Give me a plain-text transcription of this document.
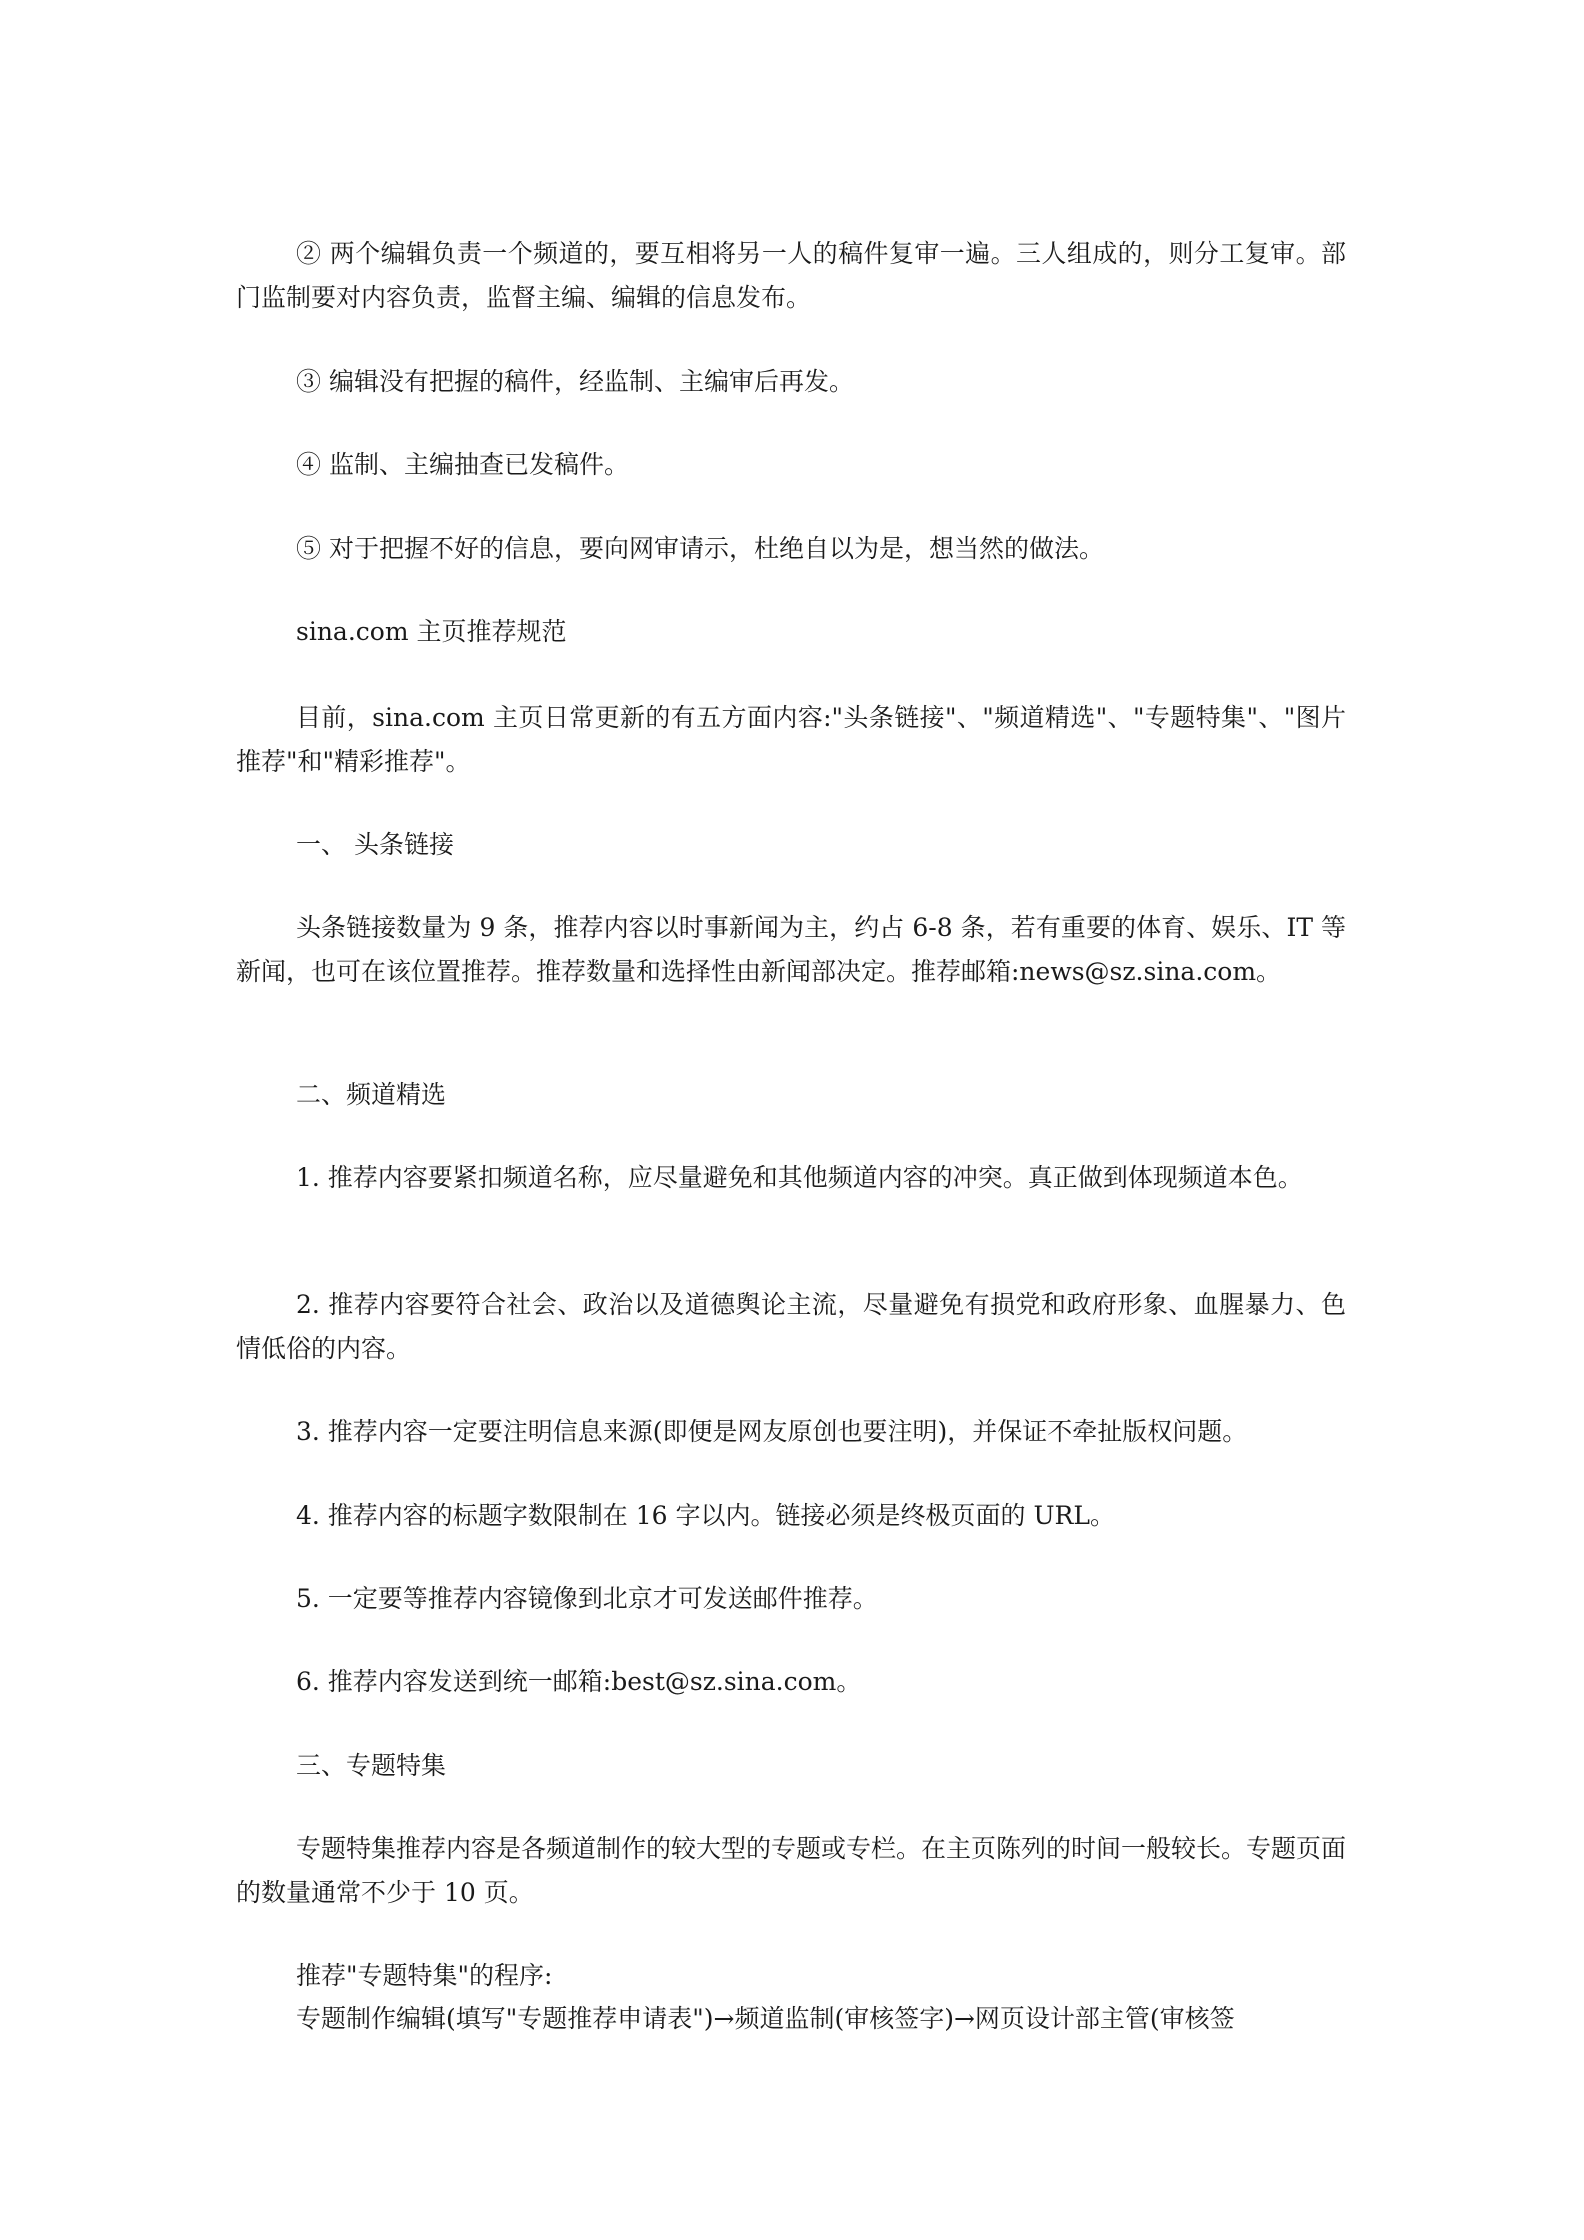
② 两个编辑负责一个频道的，要互相将另一人的稿件复审一遍。三人组成的，则分工复审。部门监制要对内容负责，监督主编、编辑的信息发布。

③ 编辑没有把握的稿件，经监制、主编审后再发。

④ 监制、主编抽查已发稿件。

⑤ 对于把握不好的信息，要向网审请示，杜绝自以为是，想当然的做法。

sina.com 主页推荐规范

目前，sina.com 主页日常更新的有五方面内容:"头条链接"、"频道精选"、"专题特集"、"图片推荐"和"精彩推荐"。

一、 头条链接

头条链接数量为 9 条，推荐内容以时事新闻为主，约占 6-8 条，若有重要的体育、娱乐、IT 等新闻，也可在该位置推荐。推荐数量和选择性由新闻部决定。推荐邮箱:news@sz.sina.com。

二、频道精选

1. 推荐内容要紧扣频道名称，应尽量避免和其他频道内容的冲突。真正做到体现频道本色。

2. 推荐内容要符合社会、政治以及道德舆论主流，尽量避免有损党和政府形象、血腥暴力、色情低俗的内容。

3. 推荐内容一定要注明信息来源(即便是网友原创也要注明)，并保证不牵扯版权问题。

4. 推荐内容的标题字数限制在 16 字以内。链接必须是终极页面的 URL。

5. 一定要等推荐内容镜像到北京才可发送邮件推荐。

6. 推荐内容发送到统一邮箱:best@sz.sina.com。

三、专题特集

专题特集推荐内容是各频道制作的较大型的专题或专栏。在主页陈列的时间一般较长。专题页面的数量通常不少于 10 页。

推荐"专题特集"的程序:

专题制作编辑(填写"专题推荐申请表")→频道监制(审核签字)→网页设计部主管(审核签
